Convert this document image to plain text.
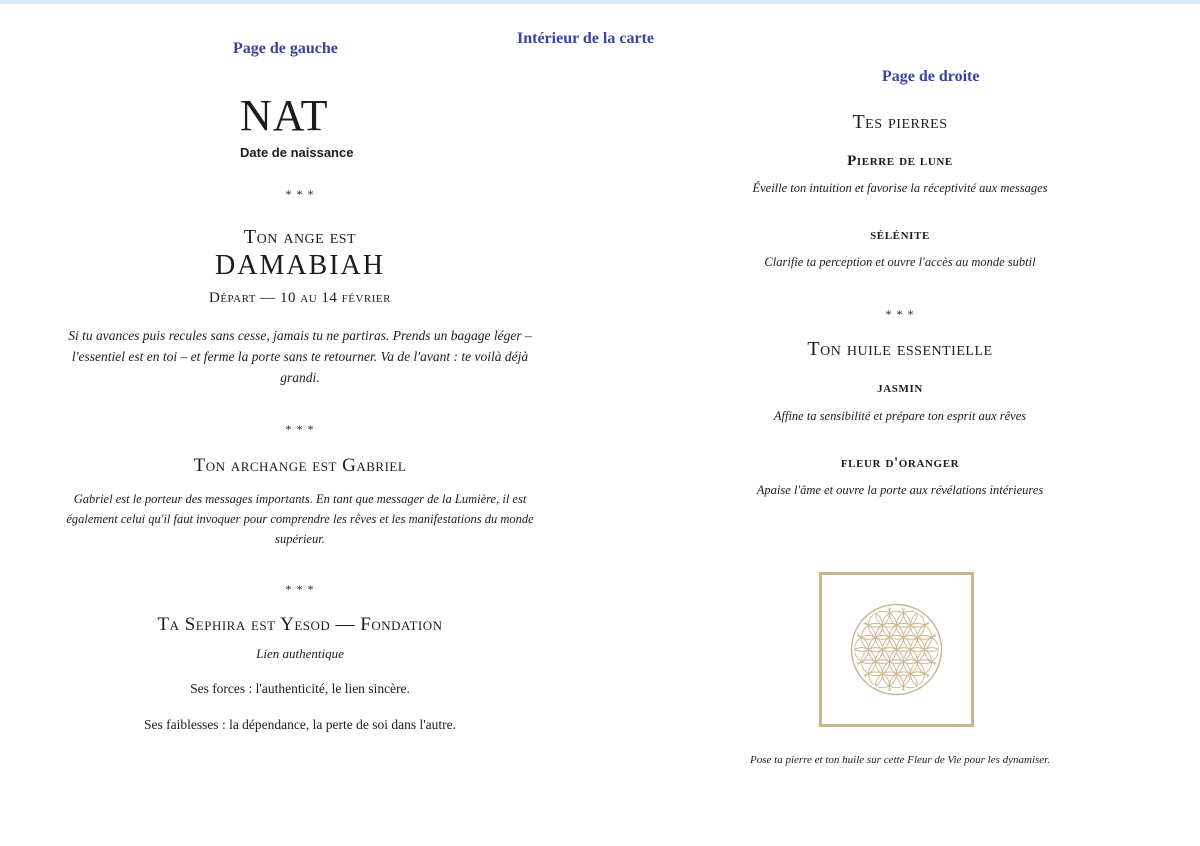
Intérieur de la carte
Page de gauche
Page de droite
NAT
Date de naissance
* * *
Ton ange est
DAMABIAH
Départ — 10 au 14 février
Si tu avances puis recules sans cesse, jamais tu ne partiras. Prends un bagage léger – l'essentiel est en toi – et ferme la porte sans te retourner. Va de l'avant : te voilà déjà grandi.
* * *
Ton archange est Gabriel
Gabriel est le porteur des messages importants. En tant que messager de la Lumière, il est également celui qu'il faut invoquer pour comprendre les rêves et les manifestations du monde supérieur.
* * *
Ta Sephira est Yesod — Fondation
Lien authentique
Ses forces : l'authenticité, le lien sincère.
Ses faiblesses : la dépendance, la perte de soi dans l'autre.
Tes pierres
Pierre de lune
Éveille ton intuition et favorise la réceptivité aux messages
sélénite
Clarifie ta perception et ouvre l'accès au monde subtil
* * *
Ton huile essentielle
jasmin
Affine ta sensibilité et prépare ton esprit aux rêves
fleur d'oranger
Apaise l'âme et ouvre la porte aux révélations intérieures
Pose ta pierre et ton huile sur cette Fleur de Vie pour les dynamiser.
